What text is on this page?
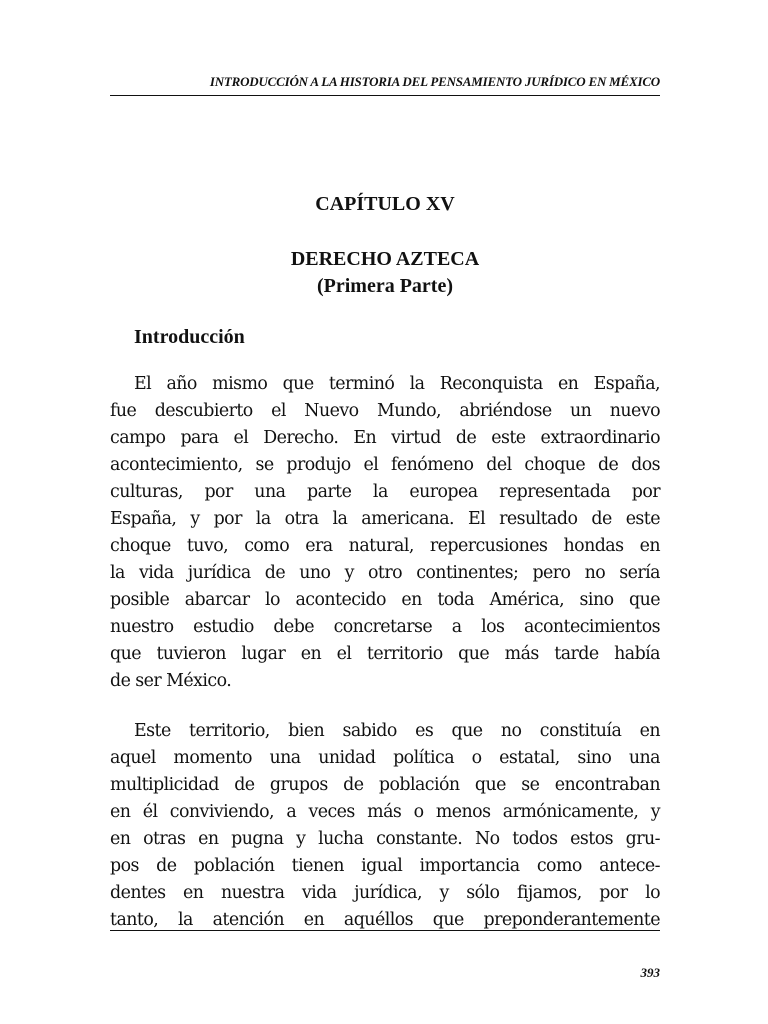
INTRODUCCIÓN A LA HISTORIA DEL PENSAMIENTO JURÍDICO EN MÉXICO
CAPÍTULO XV
DERECHO AZTECA
(Primera Parte)
Introducción
El año mismo que terminó la Reconquista en España,
fue descubierto el Nuevo Mundo, abriéndose un nuevo
campo para el Derecho. En virtud de este extraordinario
acontecimiento, se produjo el fenómeno del choque de dos
culturas, por una parte la europea representada por
España, y por la otra la americana. El resultado de este
choque tuvo, como era natural, repercusiones hondas en
la vida jurídica de uno y otro continentes; pero no sería
posible abarcar lo acontecido en toda América, sino que
nuestro estudio debe concretarse a los acontecimientos
que tuvieron lugar en el territorio que más tarde había
de ser México.
Este territorio, bien sabido es que no constituía en
aquel momento una unidad política o estatal, sino una
multiplicidad de grupos de población que se encontraban
en él conviviendo, a veces más o menos armónicamente, y
en otras en pugna y lucha constante. No todos estos gru-
pos de población tienen igual importancia como antece-
dentes en nuestra vida jurídica, y sólo fijamos, por lo
tanto, la atención en aquéllos que preponderantemente
393
